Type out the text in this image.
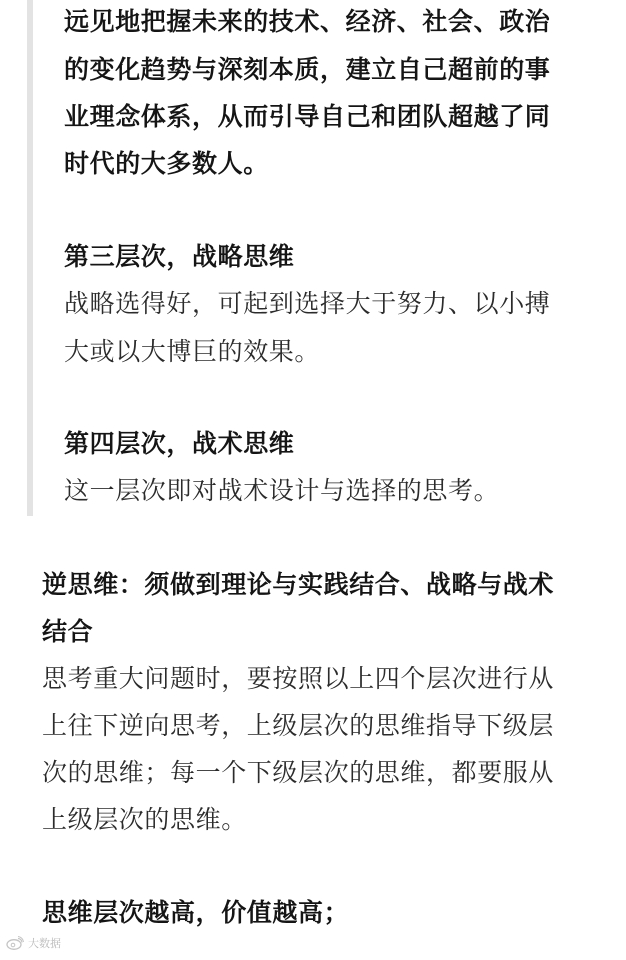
远见地把握未来的技术、经济、社会、政治
的变化趋势与深刻本质，建立自己超前的事
业理念体系，从而引导自己和团队超越了同
时代的大多数人。
第三层次，战略思维
战略选得好，可起到选择大于努力、以小搏
大或以大博巨的效果。
第四层次，战术思维
这一层次即对战术设计与选择的思考。
逆思维：须做到理论与实践结合、战略与战术
结合
思考重大问题时，要按照以上四个层次进行从
上往下逆向思考，上级层次的思维指导下级层
次的思维；每一个下级层次的思维，都要服从
上级层次的思维。
思维层次越高，价值越高；
大数据
